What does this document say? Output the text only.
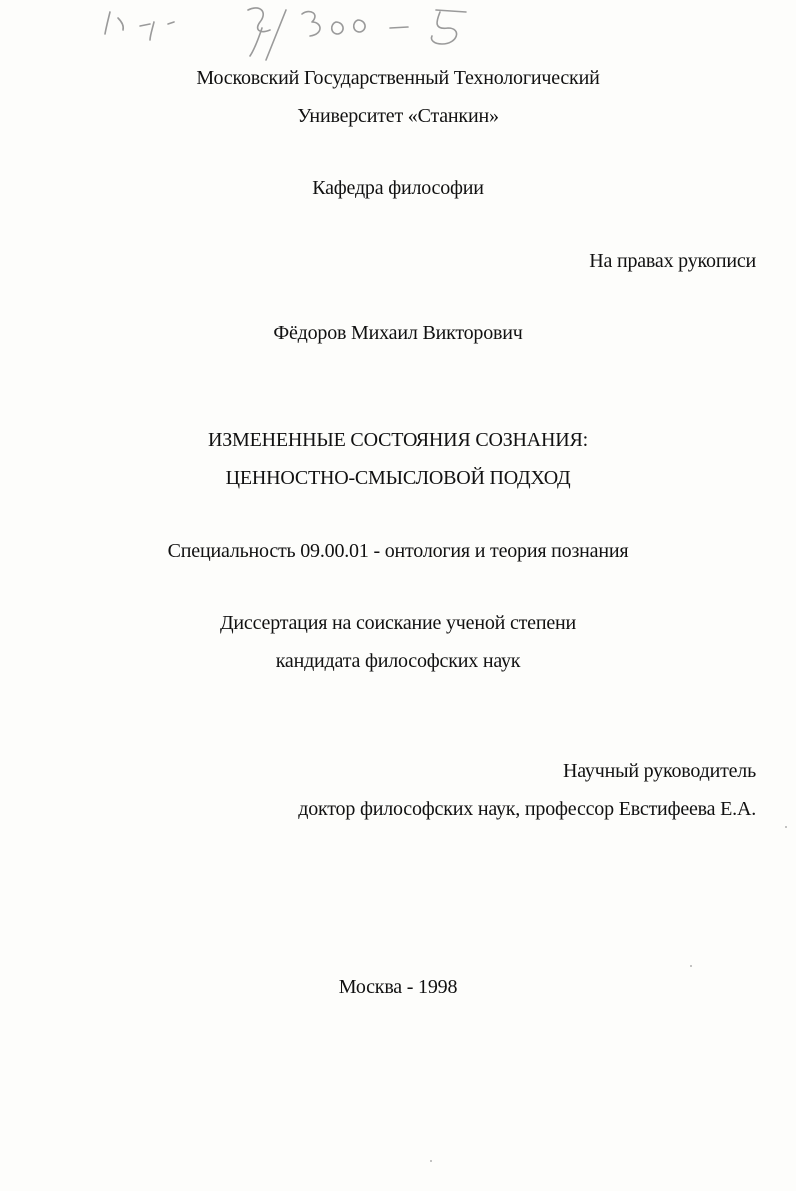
Московский Государственный Технологический
Университет «Станкин»
Кафедра философии
На правах рукописи
Фёдоров Михаил Викторович
ИЗМЕНЕННЫЕ СОСТОЯНИЯ СОЗНАНИЯ:
ЦЕННОСТНО-СМЫСЛОВОЙ ПОДХОД
Специальность 09.00.01 - онтология и теория познания
Диссертация на соискание ученой степени
кандидата философских наук
Научный руководитель
доктор философских наук, профессор Евстифеева Е.А.
Москва - 1998
